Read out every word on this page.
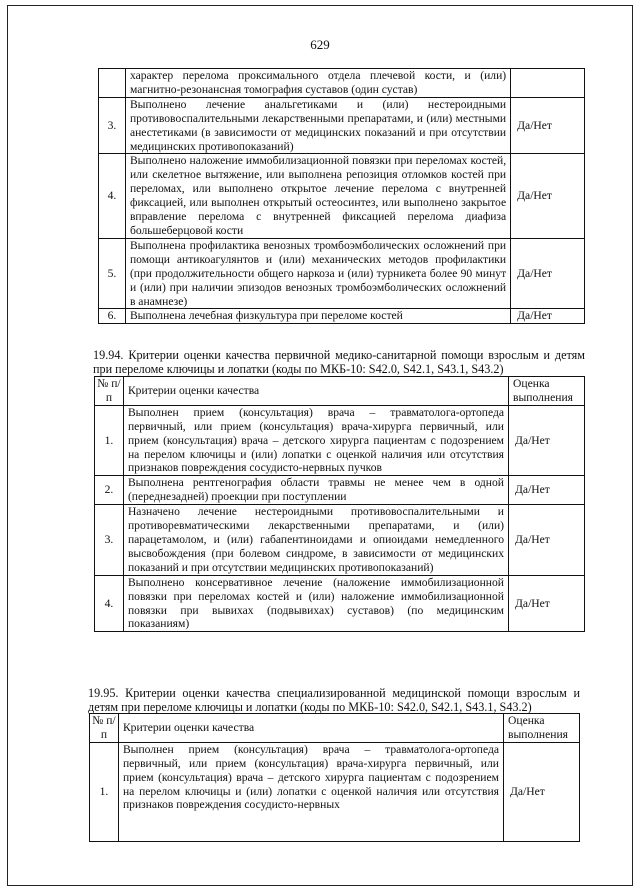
629
	характер перелома проксимального отдела плечевой кости, и (или) магнитно-резонансная томография суставов (один сустав)	
3.	Выполнено лечение анальгетиками и (или) нестероидными противовоспалительными лекарственными препаратами, и (или) местными анестетиками (в зависимости от медицинских показаний и при отсутствии медицинских противопоказаний)	Да/Нет
4.	Выполнено наложение иммобилизационной повязки при переломах костей, или скелетное вытяжение, или выполнена репозиция отломков костей при переломах, или выполнено открытое лечение перелома с внутренней фиксацией, или выполнен открытый остеосинтез, или выполнено закрытое вправление перелома с внутренней фиксацией перелома диафиза большеберцовой кости	Да/Нет
5.	Выполнена профилактика венозных тромбоэмболических осложнений при помощи антикоагулянтов и (или) механических методов профилактики (при продолжительности общего наркоза и (или) турникета более 90 минут и (или) при наличии эпизодов венозных тромбоэмболических осложнений в анамнезе)	Да/Нет
6.	Выполнена лечебная физкультура при переломе костей	Да/Нет
19.94. Критерии оценки качества первичной медико-санитарной помощи взрослым и детям при переломе ключицы и лопатки (коды по МКБ-10: S42.0, S42.1, S43.1, S43.2)
№ п/п	Критерии оценки качества	Оценка выполнения
1.	Выполнен прием (консультация) врача – травматолога-ортопеда первичный, или прием (консультация) врача-хирурга первичный, или прием (консультация) врача – детского хирурга пациентам с подозрением на перелом ключицы и (или) лопатки с оценкой наличия или отсутствия признаков повреждения сосудисто-нервных пучков	Да/Нет
2.	Выполнена рентгенография области травмы не менее чем в одной (переднезадней) проекции при поступлении	Да/Нет
3.	Назначено лечение нестероидными противовоспалительными и противоревматическими лекарственными препаратами, и (или) парацетамолом, и (или) габапентиноидами и опиоидами немедленного высвобождения (при болевом синдроме, в зависимости от медицинских показаний и при отсутствии медицинских противопоказаний)	Да/Нет
4.	Выполнено консервативное лечение (наложение иммобилизационной повязки при переломах костей и (или) наложение иммобилизационной повязки при вывихах (подвывихах) суставов) (по медицинским показаниям)	Да/Нет
19.95. Критерии оценки качества специализированной медицинской помощи взрослым и детям при переломе ключицы и лопатки (коды по МКБ-10: S42.0, S42.1, S43.1, S43.2)
№ п/п	Критерии оценки качества	Оценка выполнения
1.	Выполнен прием (консультация) врача – травматолога-ортопеда первичный, или прием (консультация) врача-хирурга первичный, или прием (консультация) врача – детского хирурга пациентам с подозрением на перелом ключицы и (или) лопатки с оценкой наличия или отсутствия признаков повреждения сосудисто-нервных	Да/Нет
